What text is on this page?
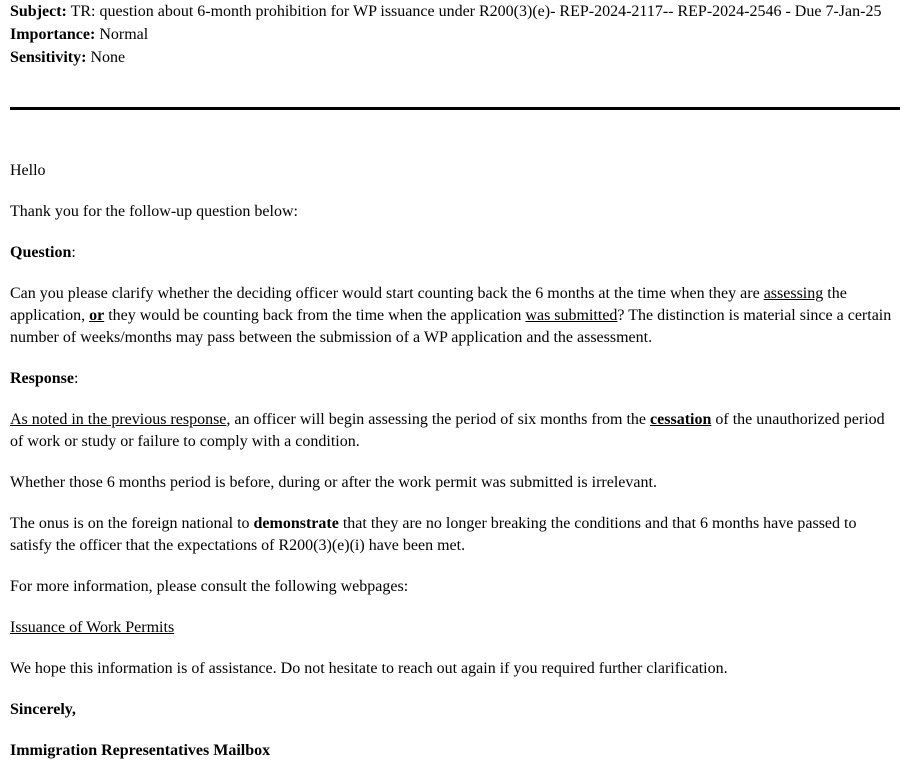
Subject: TR: question about 6-month prohibition for WP issuance under R200(3)(e)- REP-2024-2117-- REP-2024-2546 - Due 7-Jan-25

Importance: Normal

Sensitivity: None

Hello

Thank you for the follow-up question below:

Question:

Can you please clarify whether the deciding officer would start counting back the 6 months at the time when they are assessing the application, or they would be counting back from the time when the application was submitted? The distinction is material since a certain number of weeks/months may pass between the submission of a WP application and the assessment.

Response:

As noted in the previous response, an officer will begin assessing the period of six months from the cessation of the unauthorized period of work or study or failure to comply with a condition.

Whether those 6 months period is before, during or after the work permit was submitted is irrelevant.

The onus is on the foreign national to demonstrate that they are no longer breaking the conditions and that 6 months have passed to satisfy the officer that the expectations of R200(3)(e)(i) have been met.

For more information, please consult the following webpages:

Issuance of Work Permits

We hope this information is of assistance. Do not hesitate to reach out again if you required further clarification.

Sincerely,

Immigration Representatives Mailbox
